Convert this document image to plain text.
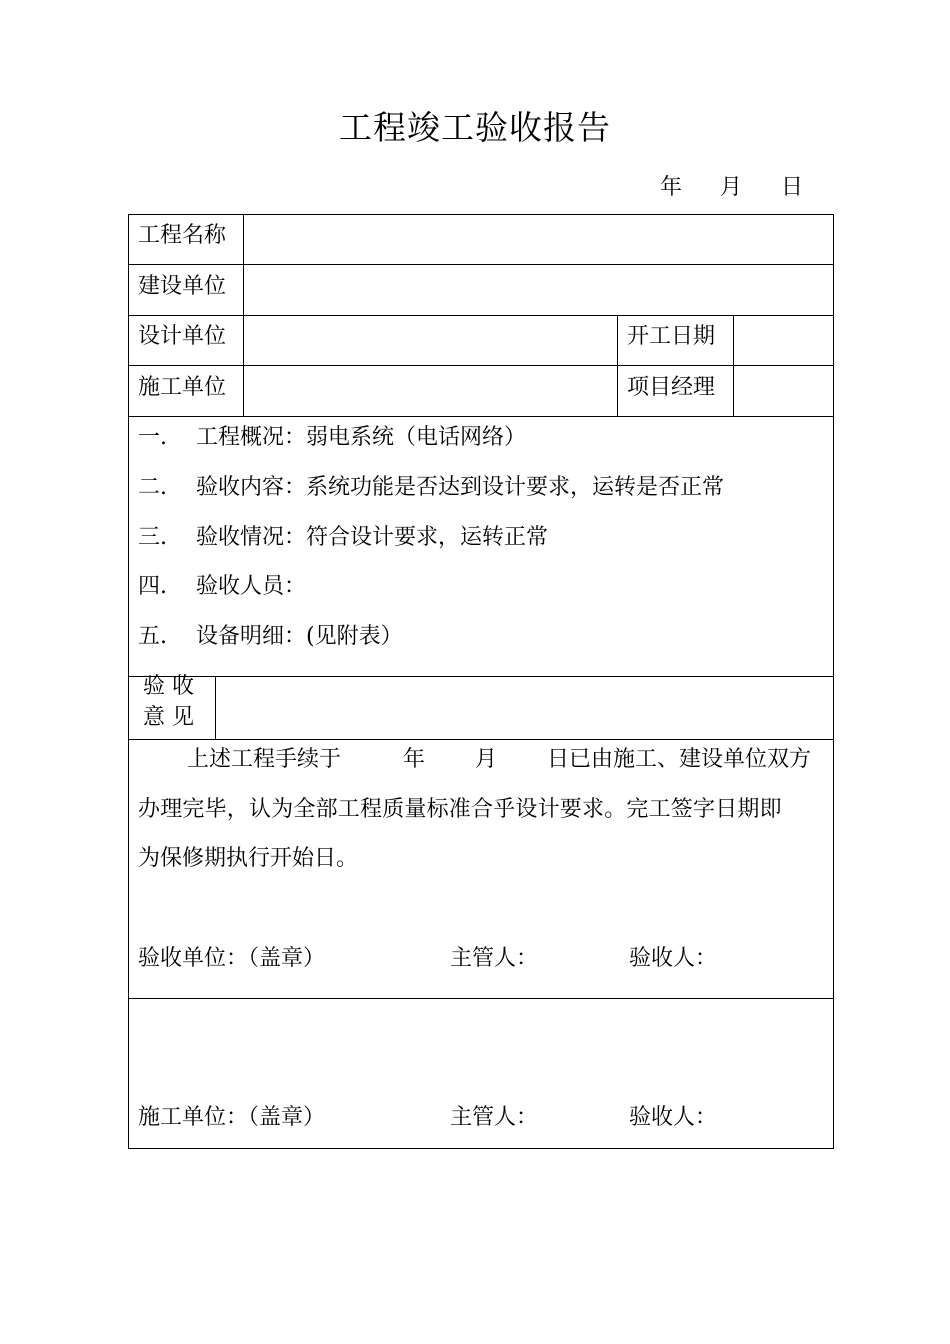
工程竣工验收报告
年 月 日
工程名称
建设单位
设计单位	开工日期
施工单位	项目经理
一. 工程概况：弱电系统（电话网络）
二. 验收内容：系统功能是否达到设计要求，运转是否正常
三. 验收情况：符合设计要求，运转正常
四. 验收人员：
五. 设备明细：(见附表）
验 收
意 见
上述工程手续于	年 月 日已由施工、建设单位双方
办理完毕，认为全部工程质量标准合乎设计要求。完工签字日期即
为保修期执行开始日。
验收单位：（盖章）	主管人：	验收人：
施工单位：（盖章）	主管人：	验收人：
